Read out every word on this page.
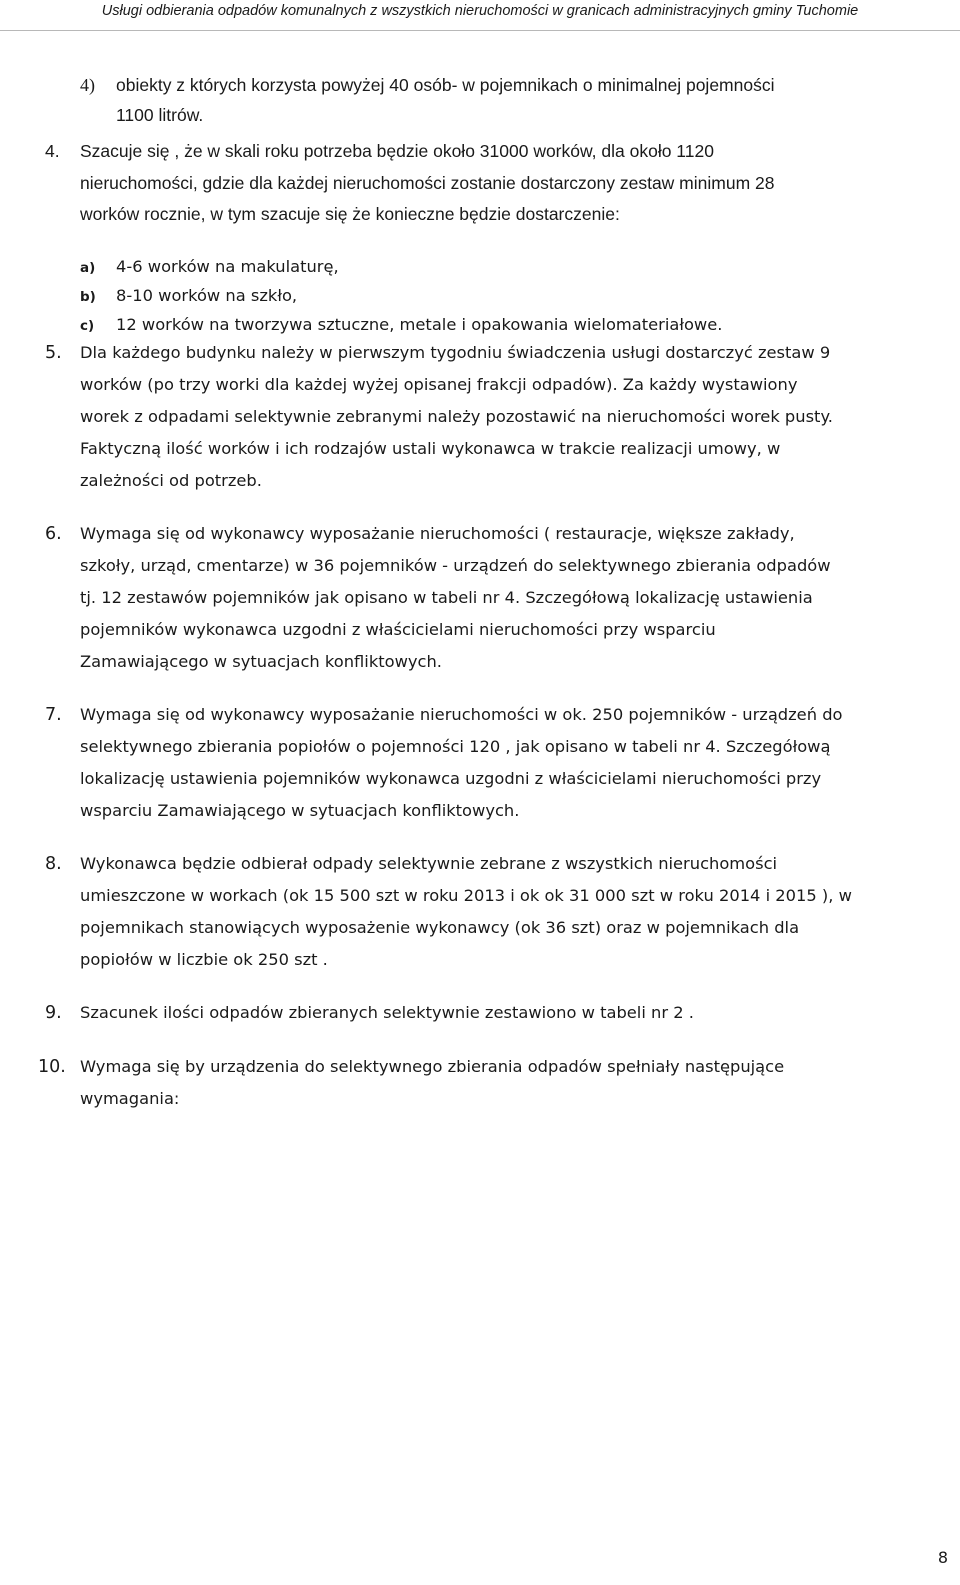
Usługi odbierania odpadów komunalnych z wszystkich nieruchomości w granicach administracyjnych gminy Tuchomie
4) obiekty z których korzysta powyżej 40 osób- w pojemnikach o minimalnej pojemności
1100 litrów.
4. Szacuje się , że w skali roku potrzeba będzie około 31000 worków, dla około 1120
nieruchomości, gdzie dla każdej nieruchomości zostanie dostarczony zestaw minimum 28
worków rocznie, w tym szacuje się że konieczne będzie dostarczenie:
a) 4-6 worków na makulaturę,
b) 8-10 worków na szkło,
c) 12 worków na tworzywa sztuczne, metale i opakowania wielomateriałowe.
5. Dla każdego budynku należy w pierwszym tygodniu świadczenia usługi dostarczyć zestaw 9
worków (po trzy worki dla każdej wyżej opisanej frakcji odpadów). Za każdy wystawiony
worek z odpadami selektywnie zebranymi należy pozostawić na nieruchomości worek pusty.
Faktyczną ilość worków i ich rodzajów ustali wykonawca w trakcie realizacji umowy, w
zależności od potrzeb.
6. Wymaga się od wykonawcy wyposażanie nieruchomości ( restauracje, większe zakłady,
szkoły, urząd, cmentarze) w 36 pojemników - urządzeń do selektywnego zbierania odpadów
tj. 12 zestawów pojemników jak opisano w tabeli nr 4. Szczegółową lokalizację ustawienia
pojemników wykonawca uzgodni z właścicielami nieruchomości przy wsparciu
Zamawiającego w sytuacjach konfliktowych.
7. Wymaga się od wykonawcy wyposażanie nieruchomości w ok. 250 pojemników - urządzeń do
selektywnego zbierania popiołów o pojemności 120 , jak opisano w tabeli nr 4. Szczegółową
lokalizację ustawienia pojemników wykonawca uzgodni z właścicielami nieruchomości przy
wsparciu Zamawiającego w sytuacjach konfliktowych.
8. Wykonawca będzie odbierał odpady selektywnie zebrane z wszystkich nieruchomości
umieszczone w workach (ok 15 500 szt w roku 2013 i ok ok 31 000 szt w roku 2014 i 2015 ), w
pojemnikach stanowiących wyposażenie wykonawcy (ok 36 szt) oraz w pojemnikach dla
popiołów w liczbie ok 250 szt .
9. Szacunek ilości odpadów zbieranych selektywnie zestawiono w tabeli nr 2 .
10. Wymaga się by urządzenia do selektywnego zbierania odpadów spełniały następujące
wymagania:
8
